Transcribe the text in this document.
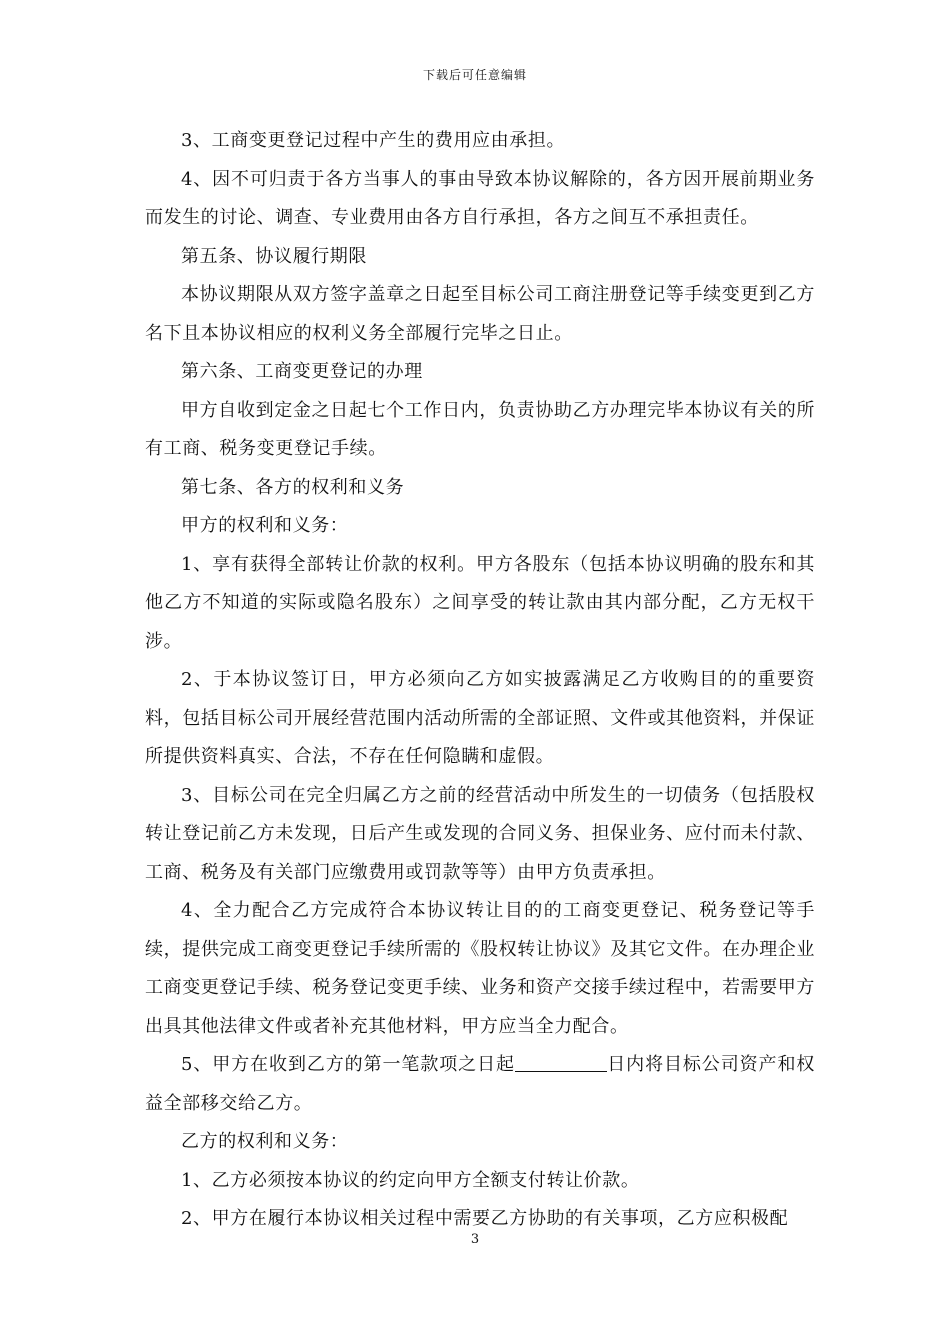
下载后可任意编辑

3、工商变更登记过程中产生的费用应由承担。

4、因不可归责于各方当事人的事由导致本协议解除的，各方因开展前期业务而发生的讨论、调查、专业费用由各方自行承担，各方之间互不承担责任。

第五条、协议履行期限

本协议期限从双方签字盖章之日起至目标公司工商注册登记等手续变更到乙方名下且本协议相应的权利义务全部履行完毕之日止。

第六条、工商变更登记的办理

甲方自收到定金之日起七个工作日内，负责协助乙方办理完毕本协议有关的所有工商、税务变更登记手续。

第七条、各方的权利和义务

甲方的权利和义务：

1、享有获得全部转让价款的权利。甲方各股东（包括本协议明确的股东和其他乙方不知道的实际或隐名股东）之间享受的转让款由其内部分配，乙方无权干涉。

2、于本协议签订日，甲方必须向乙方如实披露满足乙方收购目的的重要资料，包括目标公司开展经营范围内活动所需的全部证照、文件或其他资料，并保证所提供资料真实、合法，不存在任何隐瞒和虚假。

3、目标公司在完全归属乙方之前的经营活动中所发生的一切债务（包括股权转让登记前乙方未发现，日后产生或发现的合同义务、担保业务、应付而未付款、工商、税务及有关部门应缴费用或罚款等等）由甲方负责承担。

4、全力配合乙方完成符合本协议转让目的的工商变更登记、税务登记等手续，提供完成工商变更登记手续所需的《股权转让协议》及其它文件。在办理企业工商变更登记手续、税务登记变更手续、业务和资产交接手续过程中，若需要甲方出具其他法律文件或者补充其他材料，甲方应当全力配合。

5、甲方在收到乙方的第一笔款项之日起	日内将目标公司资产和权益全部移交给乙方。

乙方的权利和义务：

1、乙方必须按本协议的约定向甲方全额支付转让价款。

2、甲方在履行本协议相关过程中需要乙方协助的有关事项，乙方应积极配

3
